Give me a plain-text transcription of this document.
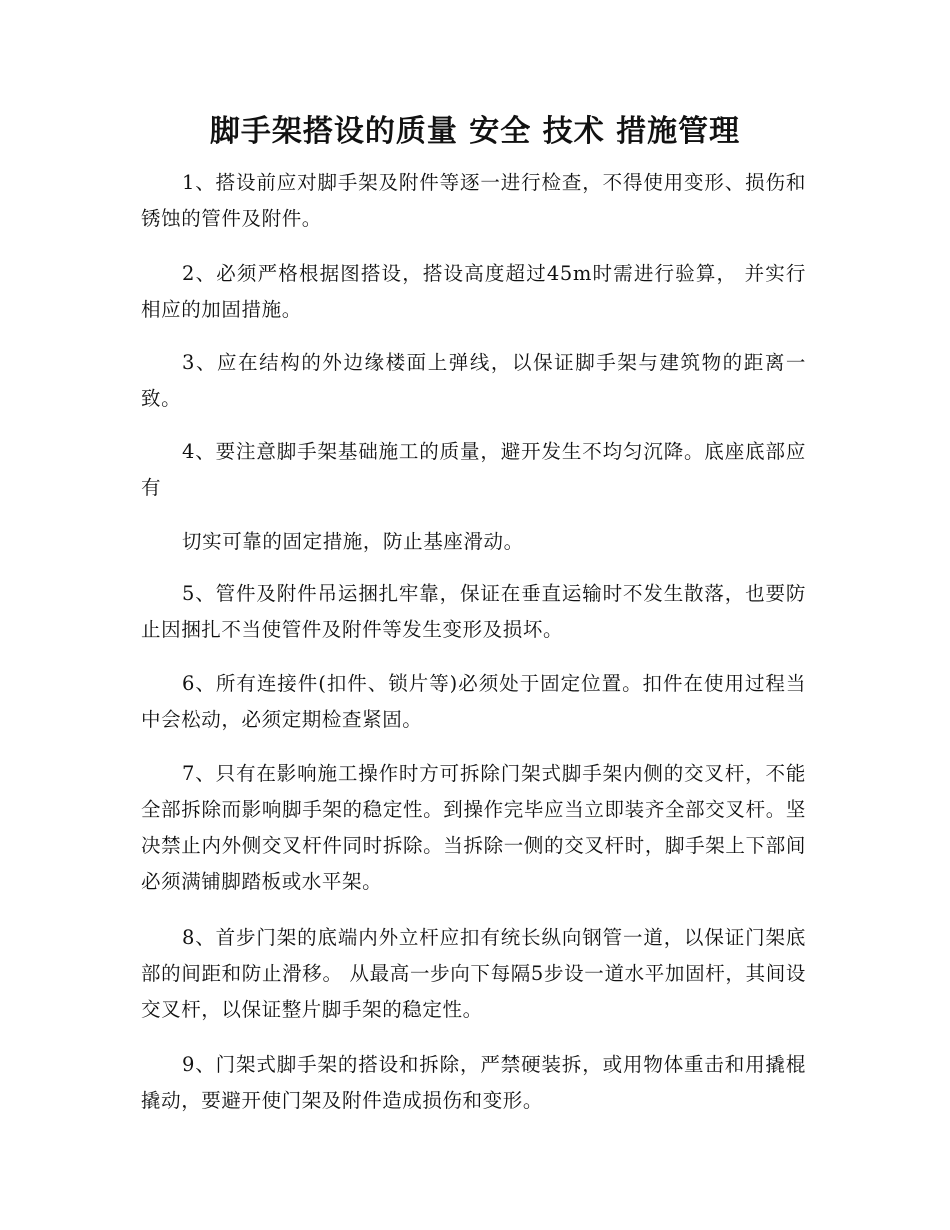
脚手架搭设的质量 安全 技术 措施管理

1、搭设前应对脚手架及附件等逐一进行检查，不得使用变形、损伤和锈蚀的管件及附件。

2、必须严格根据图搭设，搭设高度超过45m时需进行验算， 并实行相应的加固措施。

3、应在结构的外边缘楼面上弹线，以保证脚手架与建筑物的距离一致。

4、要注意脚手架基础施工的质量，避开发生不均匀沉降。底座底部应有

切实可靠的固定措施，防止基座滑动。

5、管件及附件吊运捆扎牢靠，保证在垂直运输时不发生散落，也要防止因捆扎不当使管件及附件等发生变形及损坏。

6、所有连接件(扣件、锁片等)必须处于固定位置。扣件在使用过程当中会松动，必须定期检查紧固。

7、只有在影响施工操作时方可拆除门架式脚手架内侧的交叉杆，不能全部拆除而影响脚手架的稳定性。到操作完毕应当立即装齐全部交叉杆。坚决禁止内外侧交叉杆件同时拆除。当拆除一侧的交叉杆时，脚手架上下部间必须满铺脚踏板或水平架。

8、首步门架的底端内外立杆应扣有统长纵向钢管一道，以保证门架底部的间距和防止滑移。 从最高一步向下每隔5步设一道水平加固杆，其间设交叉杆，以保证整片脚手架的稳定性。

9、门架式脚手架的搭设和拆除，严禁硬装拆，或用物体重击和用撬棍撬动，要避开使门架及附件造成损伤和变形。
